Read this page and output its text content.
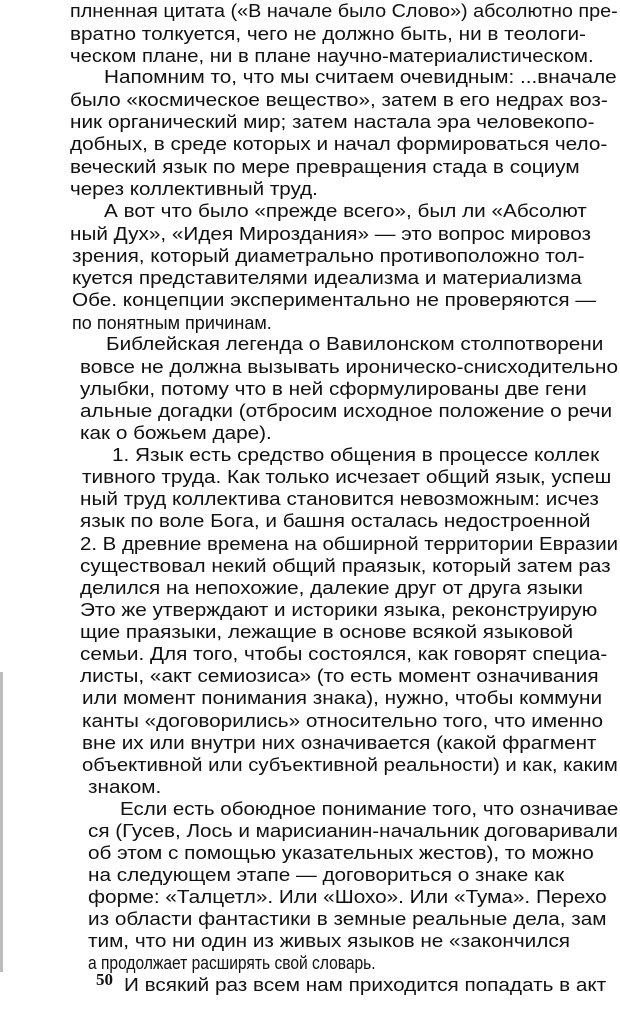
плненная цитата («В начале было Слово») абсолютно пре-
вратно толкуется, чего не должно быть, ни в теологи-
ческом плане, ни в плане научно-материалистическом.
Напомним то, что мы считаем очевидным: ...вначале
было «космическое вещество», затем в его недрах воз-
ник органический мир; затем настала эра человекопо-
добных, в среде которых и начал формироваться чело-
веческий язык по мере превращения стада в социум
через коллективный труд.
А вот что было «прежде всего», был ли «Абсолют
ный Дух», «Идея Мироздания» — это вопрос мировоз
зрения, который диаметрально противоположно тол-
куется представителями идеализма и материализма
Обе. концепции экспериментально не проверяются —
по понятным причинам.
Библейская легенда о Вавилонском столпотворени
вовсе не должна вызывать ироническо-снисходительно
улыбки, потому что в ней сформулированы две гени
альные догадки (отбросим исходное положение о речи
как о божьем даре).
1. Язык есть средство общения в процессе коллек
тивного труда. Как только исчезает общий язык, успеш
ный труд коллектива становится невозможным: исчез
язык по воле Бога, и башня осталась недостроенной
2. В древние времена на обширной территории Евразии
существовал некий общий праязык, который затем раз
делился на непохожие, далекие друг от друга языки
Это же утверждают и историки языка, реконструирую
щие праязыки, лежащие в основе всякой языковой
семьи. Для того, чтобы состоялся, как говорят специа-
листы, «акт семиозиса» (то есть момент означивания
или момент понимания знака), нужно, чтобы коммуни
канты «договорились» относительно того, что именно
вне их или внутри них означивается (какой фрагмент
объективной или субъективной реальности) и как, каким
знаком.
Если есть обоюдное понимание того, что означивае
ся (Гусев, Лось и марисианин-начальник договаривали
об этом с помощью указательных жестов), то можно
на следующем этапе — договориться о знаке как
форме: «Талцетл». Или «Шохо». Или «Тума». Перехо
из области фантастики в земные реальные дела, зам
тим, что ни один из живых языков не «закончился
а продолжает расширять свой словарь.
И всякий раз всем нам приходится попадать в акт
50
